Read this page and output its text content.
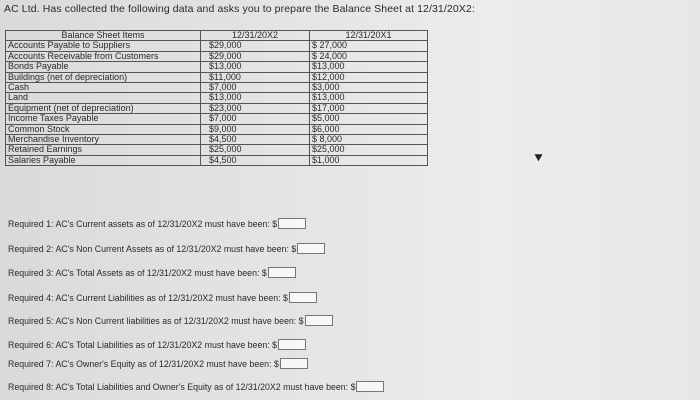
AC Ltd. Has collected the following data and asks you to prepare the Balance Sheet at 12/31/20X2:
Balance Sheet Items	12/31/20X2	12/31/20X1
Accounts Payable to Suppliers	$29,000	$ 27,000
Accounts Receivable from Customers	$29,000	$ 24,000
Bonds Payable	$13,000	$13,000
Buildings (net of depreciation)	$11,000	$12,000
Cash	$7,000	$3,000
Land	$13,000	$13,000
Equipment (net of depreciation)	$23,000	$17,000
Income Taxes Payable	$7,000	$5,000
Common Stock	$9,000	$6,000
Merchandise Inventory	$4,500	$ 8,000
Retained Earnings	$25,000	$25,000
Salaries Payable	$4,500	$1,000
Required 1: AC's Current assets as of 12/31/20X2 must have been: $
Required 2: AC's Non Current Assets as of 12/31/20X2 must have been: $
Required 3: AC's Total Assets as of 12/31/20X2 must have been: $
Required 4: AC's Current Liabilities as of 12/31/20X2 must have been: $
Required 5: AC's Non Current liabilities as of 12/31/20X2 must have been: $
Required 6: AC's Total Liabilities as of 12/31/20X2 must have been: $
Required 7: AC's Owner's Equity as of 12/31/20X2 must have been: $
Required 8: AC's Total Liabilities and Owner's Equity as of 12/31/20X2 must have been: $
